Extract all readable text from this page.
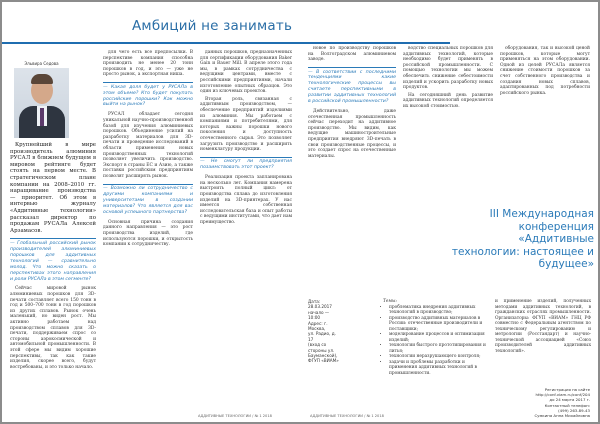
Амбиций не занимать
Эльвира Седова

Крупнейший в мире производитель алюминия РУСАЛ в ближнем будущем в мировом рейтинге будет стоять на первом месте. В стратегическом плане компании на 2008–2010 гг. наращивание производства — приоритет. Об этом в интервью журналу «Аддитивные технологии» рассказал директор по продажам РУСАЛа Алексей Арзамасов.

— Глобальный российский рынок производителей алюминиевых порошков для аддитивных технологий — сравнительно молод. Что можно сказать о перспективах этого направления и роли РУСАЛа в этом сегменте?

Сейчас мировой рынок алюминиевых порошков для 3D-печати составляет всего 150 тонн в год и 500–700 тонн в год порошков из других сплавов. Рынок очень маленький, но виден рост. Мы активно работаем над производством сплавов для 3D-печати, поддерживаем спрос со стороны аэрокосмической и автомобильной промышленности. В этой сфере мы видим хорошие перспективы, так как такие изделия, скорее всего, будут востребованы, и это только начало.

для чего есть все предпосылки. В перспективе компания способна производить не менее 20 тонн порошков в год, и это — уже не просто рынок, а экспортная ниша.

— Какая доля будет у РУСАЛа в этом объеме? Кто будет покупать российские порошки? Как можно выйти на рынок?

РУСАЛ обладает сегодня уникальной научно-производственной базой для изучения алюминиевых порошков. Объединение усилий на разработку материалов для 3D-печати и проведение исследований в области применения новых производственных технологий позволяет увеличить производство. Экспорт в страны ЕС и Азию, а также поставки российским предприятиям позволят расширять рынок.

— Возможно ли сотрудничество с другими компаниями и университетами в создании материалов? Что является для вас основой успешного партнерства?

Основная причина создания данного направления — это рост производства изделий, где используются порошки, и открытость компании к сотрудничеству.

данных порошков, предназначенных для сертификации оборудования Baker Gain и Bauer Mill. В апреле этого года мы, в рамках сотрудничества с ведущими центрами, вместе с российскими предприятиями, начали изготовление опытных образцов. Это один из ключевых проектов.

Вторая роль, связанная с аддитивным производством, — обеспечение предприятий изделиями из алюминия. Мы работаем с компаниями и потребителями, для которых важны порошки нового поколения и доступность отечественного сырья. Это позволяет загрузить производство и расширить номенклатуру продукции.

— Не смогут ли предприятия позаимствовать этот проект?

Реализация проекта запланирована на несколько лет. Компания намерена выстроить полный цикл: от производства сплава до изготовления изделий на 3D-принтерах. У нас имеется собственная исследовательская база и опыт работы с ведущими институтами, что дает нам преимущество.

АДДИТИВНЫЕ ТЕХНОЛОГИИ / № 1 2018

новое по производству порошков на Волгоградском алюминиевом заводе.

— В соответствии с последними тенденциями какие технологические процессы вы считаете перспективными в развитии аддитивных технологий в российской промышленности?

Действительно, даже отечественная промышленность сейчас переходит на аддитивное производство. Мы видим, как ведущие машиностроительные предприятия внедряют 3D-печать в свои производственные процессы, и это создает спрос на отечественные материалы.

водство специальных порошков для аддитивных технологий, которые необходимо будет применять в российской промышленности. С помощью технологии мы можем обеспечить снижение себестоимости изделий и ускорить разработку новых продуктов.

На сегодняшний день развитие аддитивных технологий определяется их высокой стоимостью.

оборудования, так и высокой ценой порошков, которые могут применяться на этом оборудовании. Одной из целей РУСАЛа является снижение стоимости порошков за счет собственного производства и создания новых сплавов, адаптированных под потребности российского рынка.

III Международная конференция «Аддитивные технологии: настоящее и будущее»
Дата: 28.03.2017
начало — 10:00
Адрес: г. Москва,
ул. Радио, д. 17
(вход со стороны ул. Бауманской),
ФГУП «ВИАМ»
Темы:
• проблематика внедрения аддитивных технологий в производство;
• производство аддитивных материалов в России: отечественные производители и поставщики;
• моделирование процессов и оптимизация изделий;
• технологии быстрого прототипирования и литья;
• технологии неразрушающего контроля;
• задачи и проблемы разработки и применения аддитивных технологий в промышленности.
и применение изделий, полученных методами аддитивных технологий, в гражданских отраслях промышленности. Организаторы: ФГУП «ВИАМ» ГНЦ РФ совместно с Федеральным агентством по техническому регулированию и метрологии (Росстандарт) и научно-технической ассоциацией «Союз производителей аддитивных технологий».
Регистрация на сайте
http://conf.viam.ru/conf/204
до 24 марта 2017 г.
Контактный телефон:
(499) 263-89-43
Сумкина Анна Михайловна
АДДИТИВНЫЕ ТЕХНОЛОГИИ / № 1 2018
